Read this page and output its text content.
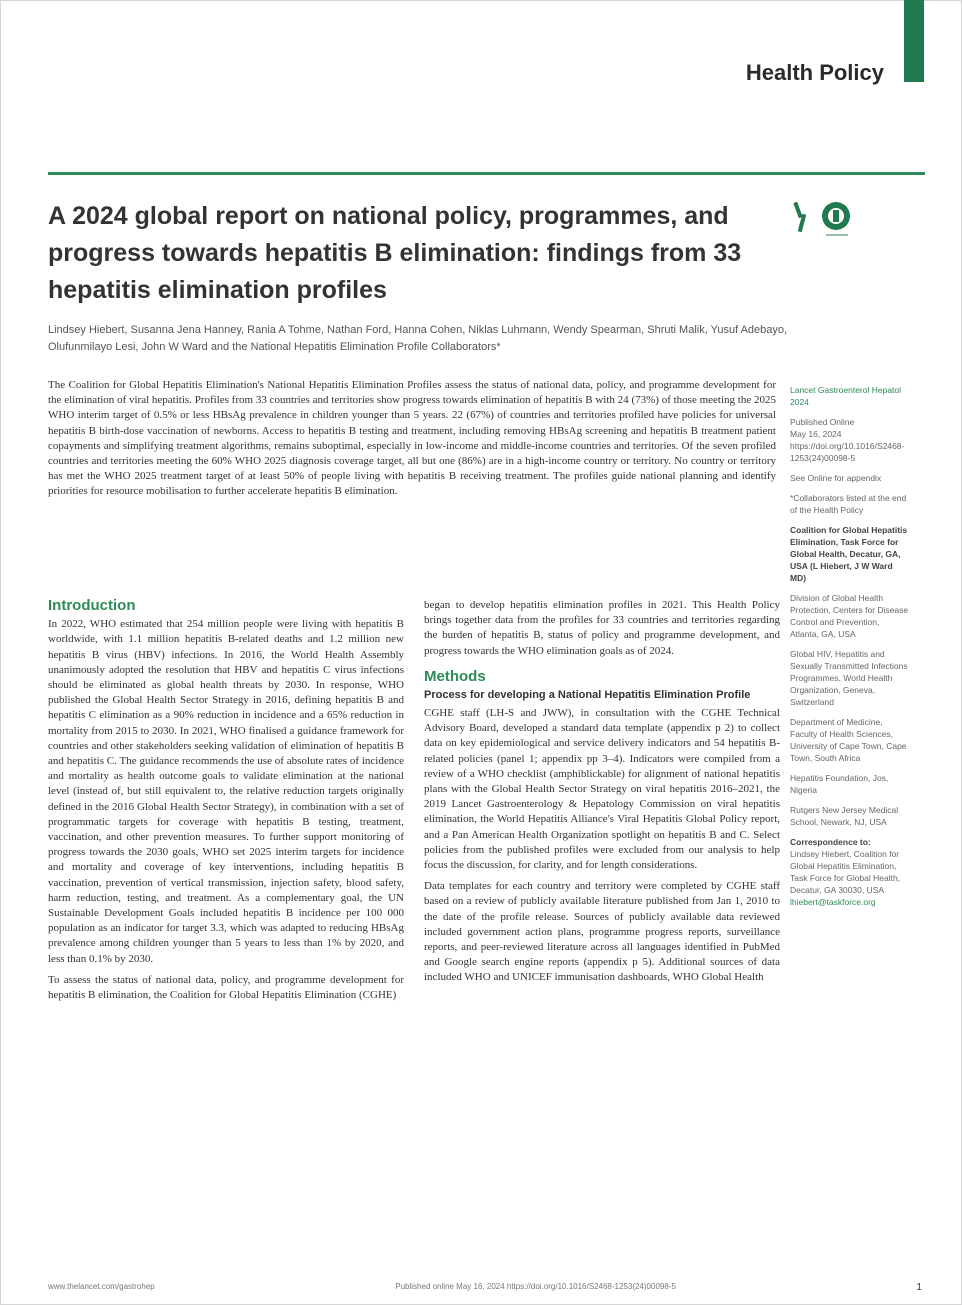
Health Policy
A 2024 global report on national policy, programmes, and progress towards hepatitis B elimination: findings from 33 hepatitis elimination profiles
Lindsey Hiebert, Susanna Jena Hanney, Rania A Tohme, Nathan Ford, Hanna Cohen, Niklas Luhmann, Wendy Spearman, Shruti Malik, Yusuf Adebayo, Olufunmilayo Lesi, John W Ward and the National Hepatitis Elimination Profile Collaborators*
The Coalition for Global Hepatitis Elimination's National Hepatitis Elimination Profiles assess the status of national data, policy, and programme development for the elimination of viral hepatitis. Profiles from 33 countries and territories show progress towards elimination of hepatitis B with 24 (73%) of those meeting the 2025 WHO interim target of 0.5% or less HBsAg prevalence in children younger than 5 years. 22 (67%) of countries and territories profiled have policies for universal hepatitis B birth-dose vaccination of newborns. Access to hepatitis B testing and treatment, including removing HBsAg screening and hepatitis B treatment patient copayments and simplifying treatment algorithms, remains suboptimal, especially in low-income and middle-income countries and territories. Of the seven profiled countries and territories meeting the 60% WHO 2025 diagnosis coverage target, all but one (86%) are in a high-income country or territory. No country or territory has met the WHO 2025 treatment target of at least 50% of people living with hepatitis B receiving treatment. The profiles guide national planning and identify priorities for resource mobilisation to further accelerate hepatitis B elimination.
Introduction

In 2022, WHO estimated that 254 million people were living with hepatitis B worldwide, with 1.1 million hepatitis B-related deaths and 1.2 million new hepatitis B virus (HBV) infections. In 2016, the World Health Assembly unanimously adopted the resolution that HBV and hepatitis C virus infections should be eliminated as global health threats by 2030. In response, WHO published the Global Health Sector Strategy in 2016, defining hepatitis B and hepatitis C elimination as a 90% reduction in incidence and a 65% reduction in mortality from 2015 to 2030. In 2021, WHO finalised a guidance framework for countries and other stakeholders seeking validation of elimination of hepatitis B and hepatitis C. The guidance recommends the use of absolute rates of incidence and mortality as health outcome goals to validate elimination at the national level (instead of, but still equivalent to, the relative reduction targets originally defined in the 2016 Global Health Sector Strategy), in combination with a set of programmatic targets for coverage with hepatitis B testing, treatment, vaccination, and other prevention measures. To further support monitoring of progress towards the 2030 goals, WHO set 2025 interim targets for incidence and mortality and coverage of key interventions, including hepatitis B vaccination, prevention of vertical transmission, injection safety, blood safety, harm reduction, testing, and treatment. As a complementary goal, the UN Sustainable Development Goals included hepatitis B incidence per 100 000 population as an indicator for target 3.3, which was adapted to reducing HBsAg prevalence among children younger than 5 years to less than 1% by 2020, and less than 0.1% by 2030.

To assess the status of national data, policy, and programme development for hepatitis B elimination, the Coalition for Global Hepatitis Elimination (CGHE)

began to develop hepatitis elimination profiles in 2021. This Health Policy brings together data from the profiles for 33 countries and territories regarding the burden of hepatitis B, status of policy and programme development, and progress towards the WHO elimination goals as of 2024.

Methods
Process for developing a National Hepatitis Elimination Profile

CGHE staff (LH-S and JWW), in consultation with the CGHE Technical Advisory Board, developed a standard data template (appendix p 2) to collect data on key epidemiological and service delivery indicators and 54 hepatitis B-related policies (panel 1; appendix pp 3–4). Indicators were compiled from a review of a WHO checklist (amphiblickable) for alignment of national hepatitis plans with the Global Health Sector Strategy on viral hepatitis 2016–2021, the 2019 Lancet Gastroenterology & Hepatology Commission on viral hepatitis elimination, the World Hepatitis Alliance's Viral Hepatitis Global Policy report, and a Pan American Health Organization spotlight on hepatitis B and C. Select policies from the published profiles were excluded from our analysis to help focus the discussion, for clarity, and for length considerations.

Data templates for each country and territory were completed by CGHE staff based on a review of publicly available literature published from Jan 1, 2010 to the date of the profile release. Sources of publicly available data reviewed included government action plans, programme progress reports, surveillance reports, and peer-reviewed literature across all languages identified in PubMed and Google search engine reports (appendix p 5). Additional sources of data included WHO and UNICEF immunisation dashboards, WHO Global Health

Lancet Gastroenterol Hepatol 2024

Published Online
May 16, 2024
https://doi.org/10.1016/S2468-1253(24)00098-5

See Online for appendix

*Collaborators listed at the end of the Health Policy

Coalition for Global Hepatitis Elimination, Task Force for Global Health, Decatur, GA, USA (L Hiebert, J W Ward MD)

Division of Global Health Protection, Centers for Disease Control and Prevention, Atlanta, GA, USA

Global HIV, Hepatitis and Sexually Transmitted Infections Programmes, World Health Organization, Geneva, Switzerland

Department of Medicine, Faculty of Health Sciences, University of Cape Town, Cape Town, South Africa

Hepatitis Foundation, Jos, Nigeria

Rutgers New Jersey Medical School, Newark, NJ, USA

Correspondence to:
Lindsey Hiebert, Coalition for Global Hepatitis Elimination, Task Force for Global Health, Decatur, GA 30030, USA
lhiebert@taskforce.org

www.thelancet.com/gastrohep	Published online May 16, 2024 https://doi.org/10.1016/S2468-1253(24)00098-5	1
